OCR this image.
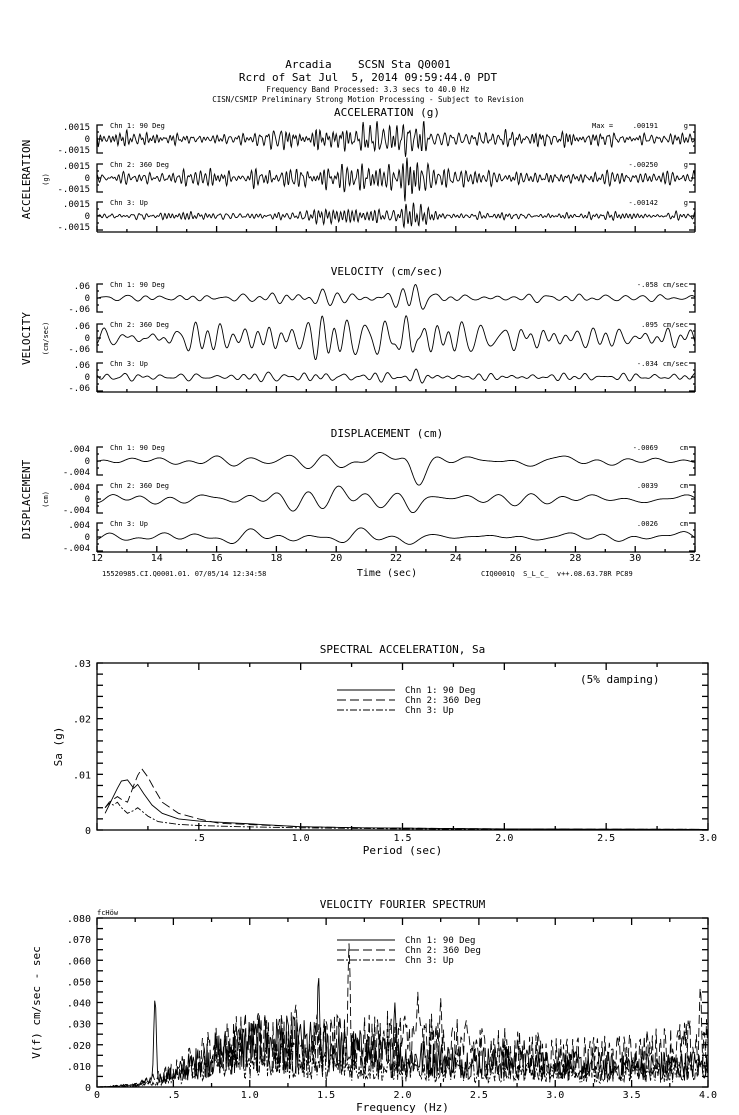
Arcadia    SCSN Sta Q0001
Rcrd of Sat Jul  5, 2014 09:59:44.0 PDT
Frequency Band Processed: 3.3 secs to 40.0 Hz
CISN/CSMIP Preliminary Strong Motion Processing - Subject to Revision
ACCELERATION (g)
ACCELERATION (g)
.0015
0
-.0015
Chn 1: 90 Deg	g
.00191
Max =
.0015
0
-.0015
Chn 2: 360 Deg	g
-.00250
.0015
0
-.0015
Chn 3: Up	g
-.00142
VELOCITY (cm/sec)
VELOCITY (cm/sec)
.06
0
-.06
Chn 1: 90 Deg	cm/sec
-.058
.06
0
-.06
Chn 2: 360 Deg	cm/sec
.095
.06
0
-.06
Chn 3: Up	cm/sec
-.034
DISPLACEMENT (cm)
DISPLACEMENT (cm)
12	14	16	18	20	22	24	26	28	30	32
.004
0
-.004
Chn 1: 90 Deg	cm
-.0069
.004
0
-.004
Chn 2: 360 Deg	cm
.0039
.004
0
-.004
Chn 3: Up	cm
.0026
Time (sec)
15520985.CI.Q0001.01. 07/05/14 12:34:58	CIQ0001Q  S_L_C_  v++.08.63.78R PC89
SPECTRAL ACCELERATION, Sa
Period (sec)
.5	1.0	1.5	2.0	2.5	3.0
.03
.02
.01
0
Sa (g)
(5% damping)
Chn 1: 90 Deg
Chn 2: 360 Deg
Chn 3: Up
VELOCITY FOURIER SPECTRUM
Frequency (Hz)
0	.5	1.0	1.5	2.0	2.5	3.0	3.5	4.0
.080
.070
.060
.050
.040
.030
.020
.010
0
V(f) cm/sec - sec
fcHöw
Chn 1: 90 Deg
Chn 2: 360 Deg
Chn 3: Up
